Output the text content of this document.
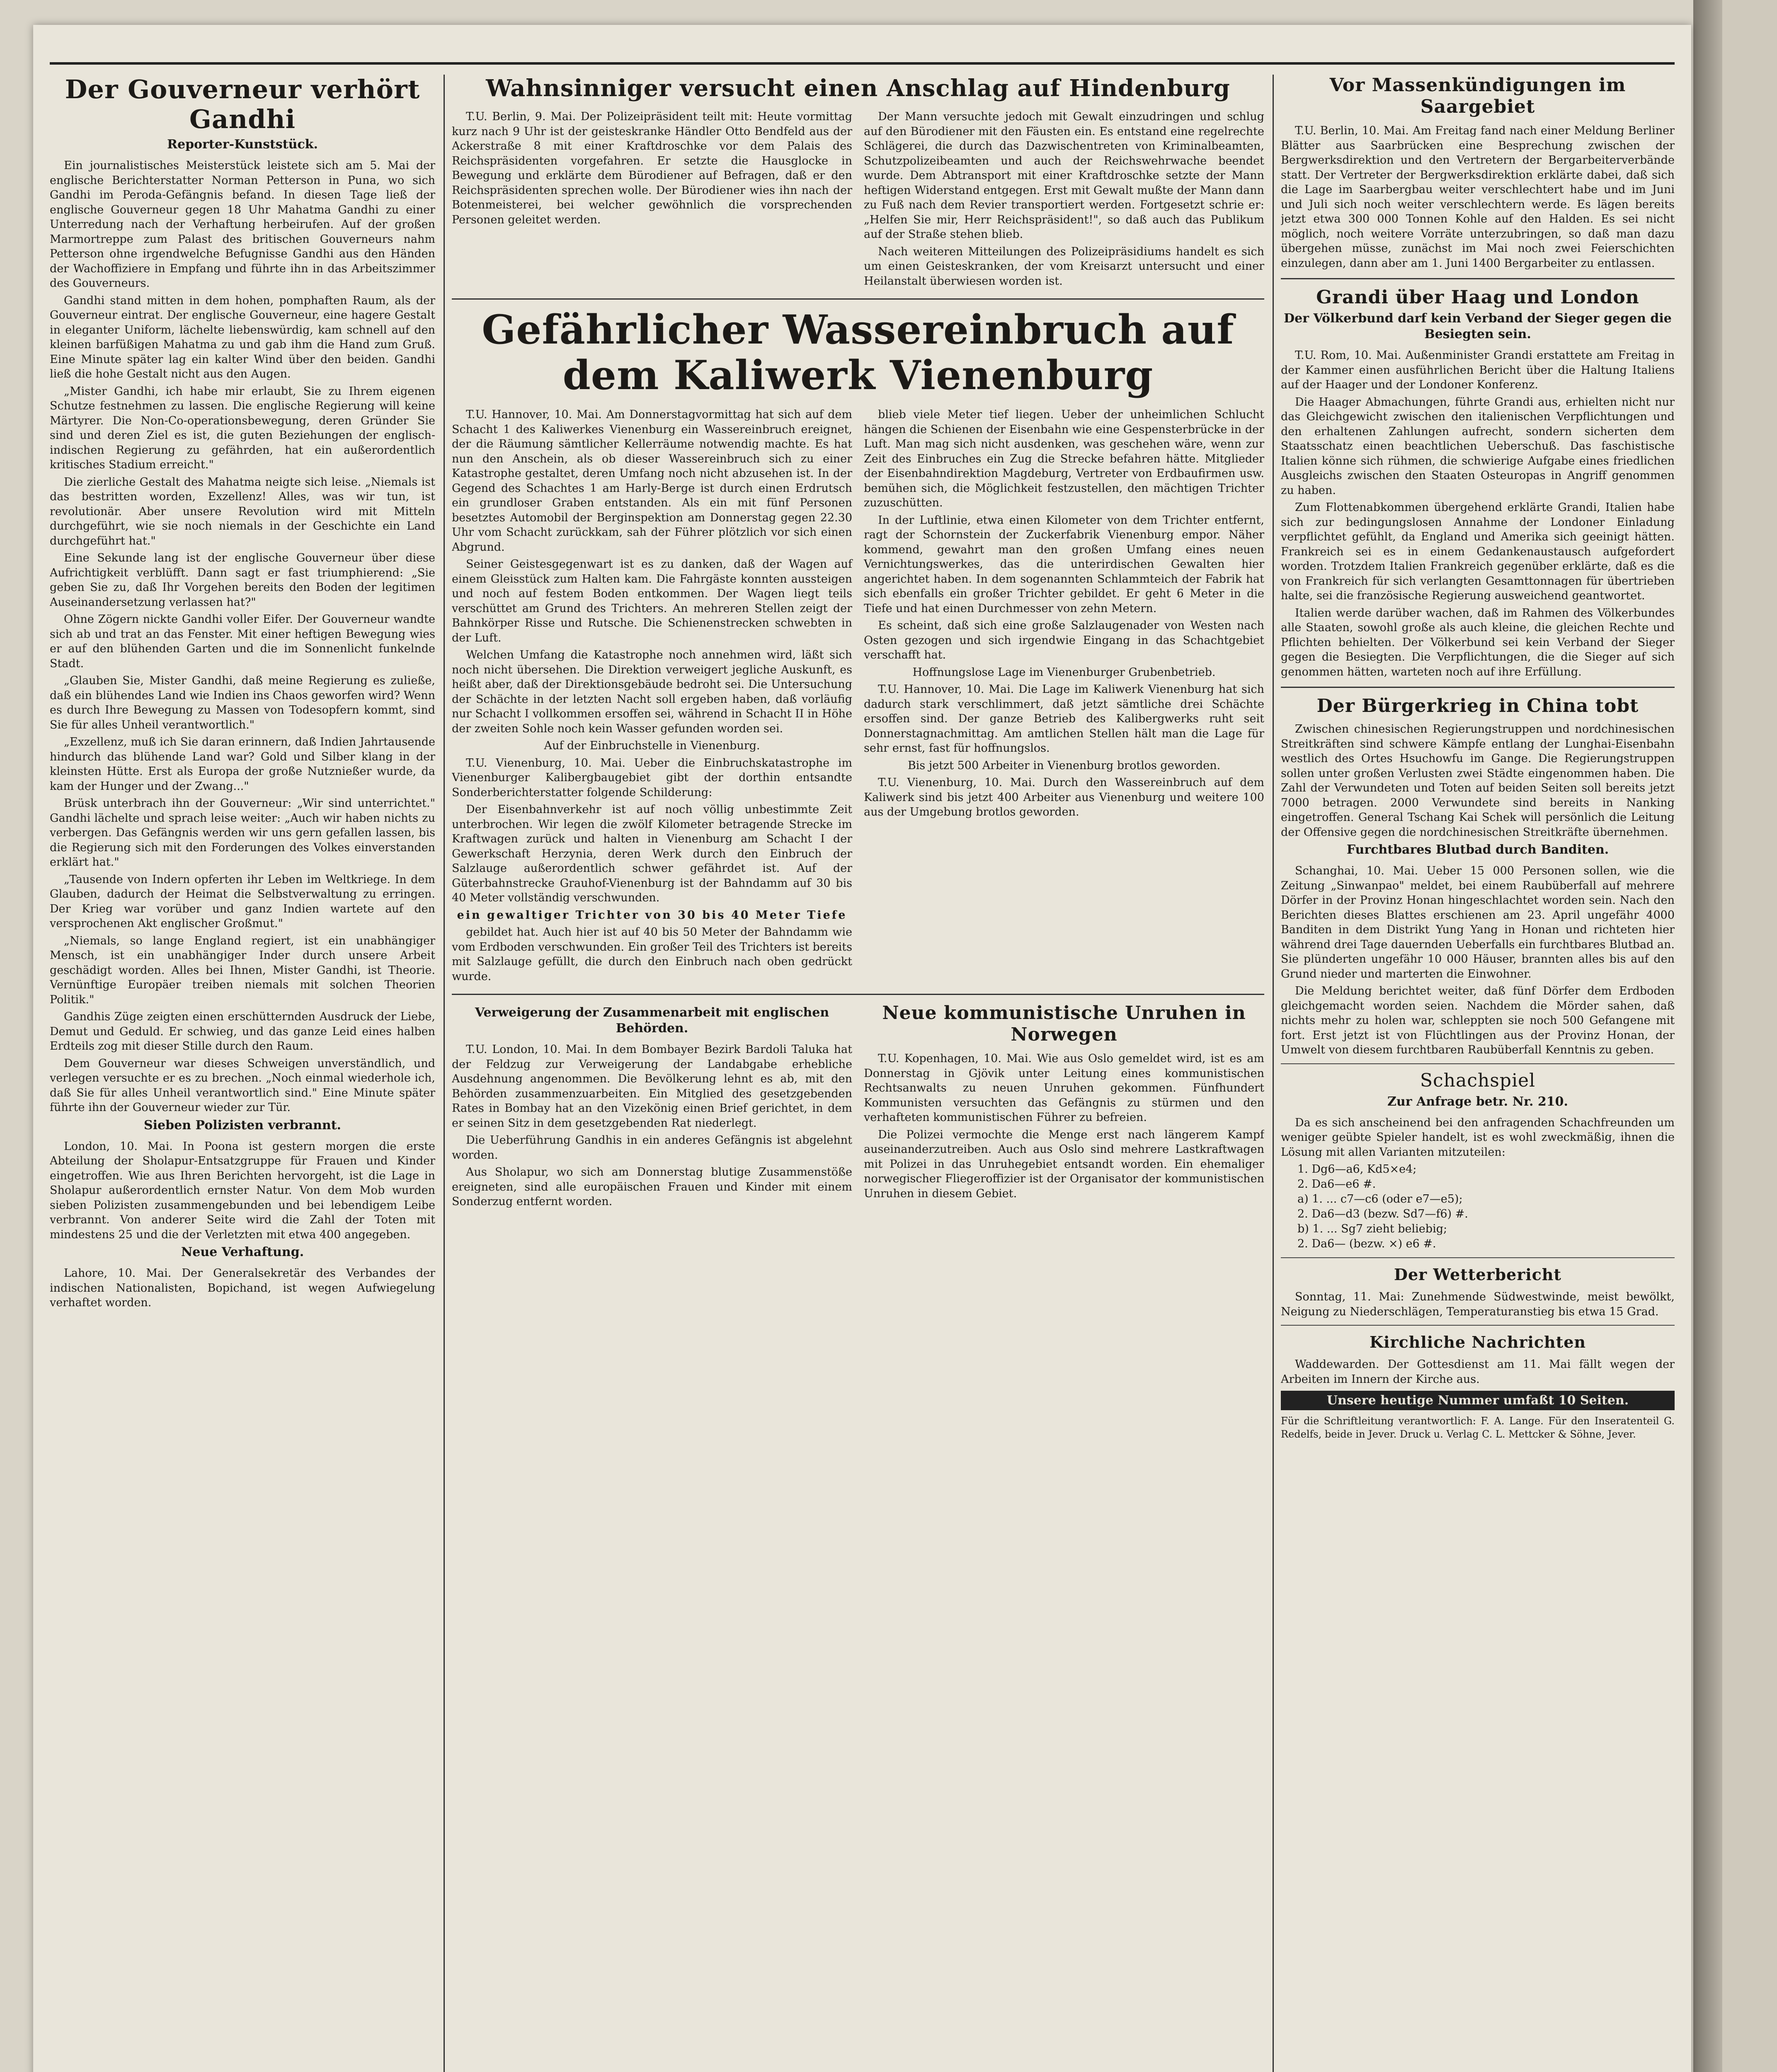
Der Gouverneur verhört Gandhi
Reporter-Kunststück.

Ein journalistisches Meisterstück leistete sich am 5. Mai der englische Berichterstatter Norman Petterson in Puna, wo sich Gandhi im Peroda-Gefängnis befand. In diesen Tage ließ der englische Gouverneur gegen 18 Uhr Mahatma Gandhi zu einer Unterredung nach der Verhaftung herbeirufen. Auf der großen Marmortreppe zum Palast des britischen Gouverneurs nahm Petterson ohne irgendwelche Befugnisse Gandhi aus den Händen der Wachoffiziere in Empfang und führte ihn in das Arbeitszimmer des Gouverneurs.

Gandhi stand mitten in dem hohen, pomphaften Raum, als der Gouverneur eintrat. Der englische Gouverneur, eine hagere Gestalt in eleganter Uniform, lächelte liebenswürdig, kam schnell auf den kleinen barfüßigen Mahatma zu und gab ihm die Hand zum Gruß. Eine Minute später lag ein kalter Wind über den beiden. Gandhi ließ die hohe Gestalt nicht aus den Augen.

„Mister Gandhi, ich habe mir erlaubt, Sie zu Ihrem eigenen Schutze festnehmen zu lassen. Die englische Regierung will keine Märtyrer. Die Non-Co-operationsbewegung, deren Gründer Sie sind und deren Ziel es ist, die guten Beziehungen der englisch-indischen Regierung zu gefährden, hat ein außerordentlich kritisches Stadium erreicht."

Die zierliche Gestalt des Mahatma neigte sich leise. „Niemals ist das bestritten worden, Exzellenz! Alles, was wir tun, ist revolutionär. Aber unsere Revolution wird mit Mitteln durchgeführt, wie sie noch niemals in der Geschichte ein Land durchgeführt hat."

Eine Sekunde lang ist der englische Gouverneur über diese Aufrichtigkeit verblüfft. Dann sagt er fast triumphierend: „Sie geben Sie zu, daß Ihr Vorgehen bereits den Boden der legitimen Auseinandersetzung verlassen hat?"

Ohne Zögern nickte Gandhi voller Eifer. Der Gouverneur wandte sich ab und trat an das Fenster. Mit einer heftigen Bewegung wies er auf den blühenden Garten und die im Sonnenlicht funkelnde Stadt.

„Glauben Sie, Mister Gandhi, daß meine Regierung es zuließe, daß ein blühendes Land wie Indien ins Chaos geworfen wird? Wenn es durch Ihre Bewegung zu Massen von Todesopfern kommt, sind Sie für alles Unheil verantwortlich."

„Exzellenz, muß ich Sie daran erinnern, daß Indien Jahrtausende hindurch das blühende Land war? Gold und Silber klang in der kleinsten Hütte. Erst als Europa der große Nutznießer wurde, da kam der Hunger und der Zwang..."

Brüsk unterbrach ihn der Gouverneur: „Wir sind unterrichtet." Gandhi lächelte und sprach leise weiter: „Auch wir haben nichts zu verbergen. Das Gefängnis werden wir uns gern gefallen lassen, bis die Regierung sich mit den Forderungen des Volkes einverstanden erklärt hat."

„Tausende von Indern opferten ihr Leben im Weltkriege. In dem Glauben, dadurch der Heimat die Selbstverwaltung zu erringen. Der Krieg war vorüber und ganz Indien wartete auf den versprochenen Akt englischer Großmut."

„Niemals, so lange England regiert, ist ein unabhängiger Mensch, ist ein unabhängiger Inder durch unsere Arbeit geschädigt worden. Alles bei Ihnen, Mister Gandhi, ist Theorie. Vernünftige Europäer treiben niemals mit solchen Theorien Politik."

Gandhis Züge zeigten einen erschütternden Ausdruck der Liebe, Demut und Geduld. Er schwieg, und das ganze Leid eines halben Erdteils zog mit dieser Stille durch den Raum.

Dem Gouverneur war dieses Schweigen unverständlich, und verlegen versuchte er es zu brechen. „Noch einmal wiederhole ich, daß Sie für alles Unheil verantwortlich sind." Eine Minute später führte ihn der Gouverneur wieder zur Tür.

Sieben Polizisten verbrannt.

London, 10. Mai. In Poona ist gestern morgen die erste Abteilung der Sholapur-Entsatzgruppe für Frauen und Kinder eingetroffen. Wie aus Ihren Berichten hervorgeht, ist die Lage in Sholapur außerordentlich ernster Natur. Von dem Mob wurden sieben Polizisten zusammengebunden und bei lebendigem Leibe verbrannt. Von anderer Seite wird die Zahl der Toten mit mindestens 25 und die der Verletzten mit etwa 400 angegeben.

Neue Verhaftung.

Lahore, 10. Mai. Der Generalsekretär des Verbandes der indischen Nationalisten, Bopichand, ist wegen Aufwiegelung verhaftet worden.

Wahnsinniger versucht einen Anschlag auf Hindenburg

T.U. Berlin, 9. Mai. Der Polizeipräsident teilt mit: Heute vormittag kurz nach 9 Uhr ist der geisteskranke Händler Otto Bendfeld aus der Ackerstraße 8 mit einer Kraftdroschke vor dem Palais des Reichspräsidenten vorgefahren. Er setzte die Hausglocke in Bewegung und erklärte dem Bürodiener auf Befragen, daß er den Reichspräsidenten sprechen wolle. Der Bürodiener wies ihn nach der Botenmeisterei, bei welcher gewöhnlich die vorsprechenden Personen geleitet werden.

Der Mann versuchte jedoch mit Gewalt einzudringen und schlug auf den Bürodiener mit den Fäusten ein. Es entstand eine regelrechte Schlägerei, die durch das Dazwischentreten von Kriminalbeamten, Schutzpolizeibeamten und auch der Reichswehrwache beendet wurde. Dem Abtransport mit einer Kraftdroschke setzte der Mann heftigen Widerstand entgegen. Erst mit Gewalt mußte der Mann dann zu Fuß nach dem Revier transportiert werden. Fortgesetzt schrie er: „Helfen Sie mir, Herr Reichspräsident!", so daß auch das Publikum auf der Straße stehen blieb.

Nach weiteren Mitteilungen des Polizeipräsidiums handelt es sich um einen Geisteskranken, der vom Kreisarzt untersucht und einer Heilanstalt überwiesen worden ist.

Gefährlicher Wassereinbruch auf dem Kaliwerk Vienenburg

T.U. Hannover, 10. Mai. Am Donnerstagvormittag hat sich auf dem Schacht 1 des Kaliwerkes Vienenburg ein Wassereinbruch ereignet, der die Räumung sämtlicher Kellerräume notwendig machte. Es hat nun den Anschein, als ob dieser Wassereinbruch sich zu einer Katastrophe gestaltet, deren Umfang noch nicht abzusehen ist. In der Gegend des Schachtes 1 am Harly-Berge ist durch einen Erdrutsch ein grundloser Graben entstanden. Als ein mit fünf Personen besetztes Automobil der Berginspektion am Donnerstag gegen 22.30 Uhr vom Schacht zurückkam, sah der Führer plötzlich vor sich einen Abgrund.

Seiner Geistesgegenwart ist es zu danken, daß der Wagen auf einem Gleisstück zum Halten kam. Die Fahrgäste konnten aussteigen und noch auf festem Boden entkommen. Der Wagen liegt teils verschüttet am Grund des Trichters. An mehreren Stellen zeigt der Bahnkörper Risse und Rutsche. Die Schienenstrecken schwebten in der Luft.

Welchen Umfang die Katastrophe noch annehmen wird, läßt sich noch nicht übersehen. Die Direktion verweigert jegliche Auskunft, es heißt aber, daß der Direktionsgebäude bedroht sei. Die Untersuchung der Schächte in der letzten Nacht soll ergeben haben, daß vorläufig nur Schacht I vollkommen ersoffen sei, während in Schacht II in Höhe der zweiten Sohle noch kein Wasser gefunden worden sei.

Auf der Einbruchstelle in Vienenburg.

T.U. Vienenburg, 10. Mai. Ueber die Einbruchskatastrophe im Vienenburger Kalibergbaugebiet gibt der dorthin entsandte Sonderberichterstatter folgende Schilderung:

Der Eisenbahnverkehr ist auf noch völlig unbestimmte Zeit unterbrochen. Wir legen die zwölf Kilometer betragende Strecke im Kraftwagen zurück und halten in Vienenburg am Schacht I der Gewerkschaft Herzynia, deren Werk durch den Einbruch der Salzlauge außerordentlich schwer gefährdet ist. Auf der Güterbahnstrecke Grauhof-Vienenburg ist der Bahndamm auf 30 bis 40 Meter vollständig verschwunden.

ein gewaltiger Trichter von 30 bis 40 Meter Tiefe

gebildet hat. Auch hier ist auf 40 bis 50 Meter der Bahndamm wie vom Erdboden verschwunden. Ein großer Teil des Trichters ist bereits mit Salzlauge gefüllt, die durch den Einbruch nach oben gedrückt wurde.

blieb viele Meter tief liegen. Ueber der unheimlichen Schlucht hängen die Schienen der Eisenbahn wie eine Gespensterbrücke in der Luft. Man mag sich nicht ausdenken, was geschehen wäre, wenn zur Zeit des Einbruches ein Zug die Strecke befahren hätte. Mitglieder der Eisenbahndirektion Magdeburg, Vertreter von Erdbaufirmen usw. bemühen sich, die Möglichkeit festzustellen, den mächtigen Trichter zuzuschütten.

In der Luftlinie, etwa einen Kilometer von dem Trichter entfernt, ragt der Schornstein der Zuckerfabrik Vienenburg empor. Näher kommend, gewahrt man den großen Umfang eines neuen Vernichtungswerkes, das die unterirdischen Gewalten hier angerichtet haben. In dem sogenannten Schlammteich der Fabrik hat sich ebenfalls ein großer Trichter gebildet. Er geht 6 Meter in die Tiefe und hat einen Durchmesser von zehn Metern.

Es scheint, daß sich eine große Salzlaugenader von Westen nach Osten gezogen und sich irgendwie Eingang in das Schachtgebiet verschafft hat.

Hoffnungslose Lage im Vienenburger Grubenbetrieb.

T.U. Hannover, 10. Mai. Die Lage im Kaliwerk Vienenburg hat sich dadurch stark verschlimmert, daß jetzt sämtliche drei Schächte ersoffen sind. Der ganze Betrieb des Kalibergwerks ruht seit Donnerstagnachmittag. Am amtlichen Stellen hält man die Lage für sehr ernst, fast für hoffnungslos.

Bis jetzt 500 Arbeiter in Vienenburg brotlos geworden.

T.U. Vienenburg, 10. Mai. Durch den Wassereinbruch auf dem Kaliwerk sind bis jetzt 400 Arbeiter aus Vienenburg und weitere 100 aus der Umgebung brotlos geworden.

Verweigerung der Zusammenarbeit mit englischen Behörden.

T.U. London, 10. Mai. In dem Bombayer Bezirk Bardoli Taluka hat der Feldzug zur Verweigerung der Landabgabe erhebliche Ausdehnung angenommen. Die Bevölkerung lehnt es ab, mit den Behörden zusammenzuarbeiten. Ein Mitglied des gesetzgebenden Rates in Bombay hat an den Vizekönig einen Brief gerichtet, in dem er seinen Sitz in dem gesetzgebenden Rat niederlegt.

Die Ueberführung Gandhis in ein anderes Gefängnis ist abgelehnt worden.

Aus Sholapur, wo sich am Donnerstag blutige Zusammenstöße ereigneten, sind alle europäischen Frauen und Kinder mit einem Sonderzug entfernt worden.

Neue kommunistische Unruhen in Norwegen

T.U. Kopenhagen, 10. Mai. Wie aus Oslo gemeldet wird, ist es am Donnerstag in Gjövik unter Leitung eines kommunistischen Rechtsanwalts zu neuen Unruhen gekommen. Fünfhundert Kommunisten versuchten das Gefängnis zu stürmen und den verhafteten kommunistischen Führer zu befreien.

Die Polizei vermochte die Menge erst nach längerem Kampf auseinanderzutreiben. Auch aus Oslo sind mehrere Lastkraftwagen mit Polizei in das Unruhegebiet entsandt worden. Ein ehemaliger norwegischer Fliegeroffizier ist der Organisator der kommunistischen Unruhen in diesem Gebiet.

Vor Massenkündigungen im Saargebiet

T.U. Berlin, 10. Mai. Am Freitag fand nach einer Meldung Berliner Blätter aus Saarbrücken eine Besprechung zwischen der Bergwerksdirektion und den Vertretern der Bergarbeiterverbände statt. Der Vertreter der Bergwerksdirektion erklärte dabei, daß sich die Lage im Saarbergbau weiter verschlechtert habe und im Juni und Juli sich noch weiter verschlechtern werde. Es lägen bereits jetzt etwa 300 000 Tonnen Kohle auf den Halden. Es sei nicht möglich, noch weitere Vorräte unterzubringen, so daß man dazu übergehen müsse, zunächst im Mai noch zwei Feierschichten einzulegen, dann aber am 1. Juni 1400 Bergarbeiter zu entlassen.

Grandi über Haag und London
Der Völkerbund darf kein Verband der Sieger gegen die Besiegten sein.

T.U. Rom, 10. Mai. Außenminister Grandi erstattete am Freitag in der Kammer einen ausführlichen Bericht über die Haltung Italiens auf der Haager und der Londoner Konferenz.

Die Haager Abmachungen, führte Grandi aus, erhielten nicht nur das Gleichgewicht zwischen den italienischen Verpflichtungen und den erhaltenen Zahlungen aufrecht, sondern sicherten dem Staatsschatz einen beachtlichen Ueberschuß. Das faschistische Italien könne sich rühmen, die schwierige Aufgabe eines friedlichen Ausgleichs zwischen den Staaten Osteuropas in Angriff genommen zu haben.

Zum Flottenabkommen übergehend erklärte Grandi, Italien habe sich zur bedingungslosen Annahme der Londoner Einladung verpflichtet gefühlt, da England und Amerika sich geeinigt hätten. Frankreich sei es in einem Gedankenaustausch aufgefordert worden. Trotzdem Italien Frankreich gegenüber erklärte, daß es die von Frankreich für sich verlangten Gesamttonnagen für übertrieben halte, sei die französische Regierung ausweichend geantwortet.

Italien werde darüber wachen, daß im Rahmen des Völkerbundes alle Staaten, sowohl große als auch kleine, die gleichen Rechte und Pflichten behielten. Der Völkerbund sei kein Verband der Sieger gegen die Besiegten. Die Verpflichtungen, die die Sieger auf sich genommen hätten, warteten noch auf ihre Erfüllung.

Der Bürgerkrieg in China tobt

Zwischen chinesischen Regierungstruppen und nordchinesischen Streitkräften sind schwere Kämpfe entlang der Lunghai-Eisenbahn westlich des Ortes Hsuchowfu im Gange. Die Regierungstruppen sollen unter großen Verlusten zwei Städte eingenommen haben. Die Zahl der Verwundeten und Toten auf beiden Seiten soll bereits jetzt 7000 betragen. 2000 Verwundete sind bereits in Nanking eingetroffen. General Tschang Kai Schek will persönlich die Leitung der Offensive gegen die nordchinesischen Streitkräfte übernehmen.

Furchtbares Blutbad durch Banditen.

Schanghai, 10. Mai. Ueber 15 000 Personen sollen, wie die Zeitung „Sinwanpao" meldet, bei einem Raubüberfall auf mehrere Dörfer in der Provinz Honan hingeschlachtet worden sein. Nach den Berichten dieses Blattes erschienen am 23. April ungefähr 4000 Banditen in dem Distrikt Yung Yang in Honan und richteten hier während drei Tage dauernden Ueberfalls ein furchtbares Blutbad an. Sie plünderten ungefähr 10 000 Häuser, brannten alles bis auf den Grund nieder und marterten die Einwohner.

Die Meldung berichtet weiter, daß fünf Dörfer dem Erdboden gleichgemacht worden seien. Nachdem die Mörder sahen, daß nichts mehr zu holen war, schleppten sie noch 500 Gefangene mit fort. Erst jetzt ist von Flüchtlingen aus der Provinz Honan, der Umwelt von diesem furchtbaren Raubüberfall Kenntnis zu geben.

Schachspiel
Zur Anfrage betr. Nr. 210.

Da es sich anscheinend bei den anfragenden Schachfreunden um weniger geübte Spieler handelt, ist es wohl zweckmäßig, ihnen die Lösung mit allen Varianten mitzuteilen:

1. Dg6—a6, Kd5×e4;
2. Da6—e6 #.
a) 1. ... c7—c6 (oder e7—e5);
2. Da6—d3 (bezw. Sd7—f6) #.
b) 1. ... Sg7 zieht beliebig;
2. Da6— (bezw. ×) e6 #.
Der Wetterbericht

Sonntag, 11. Mai: Zunehmende Südwestwinde, meist bewölkt, Neigung zu Niederschlägen, Temperaturanstieg bis etwa 15 Grad.

Kirchliche Nachrichten

Waddewarden. Der Gottesdienst am 11. Mai fällt wegen der Arbeiten im Innern der Kirche aus.

Unsere heutige Nummer umfaßt 10 Seiten.

Für die Schriftleitung verantwortlich: F. A. Lange. Für den Inseratenteil G. Redelfs, beide in Jever. Druck u. Verlag C. L. Mettcker & Söhne, Jever.
